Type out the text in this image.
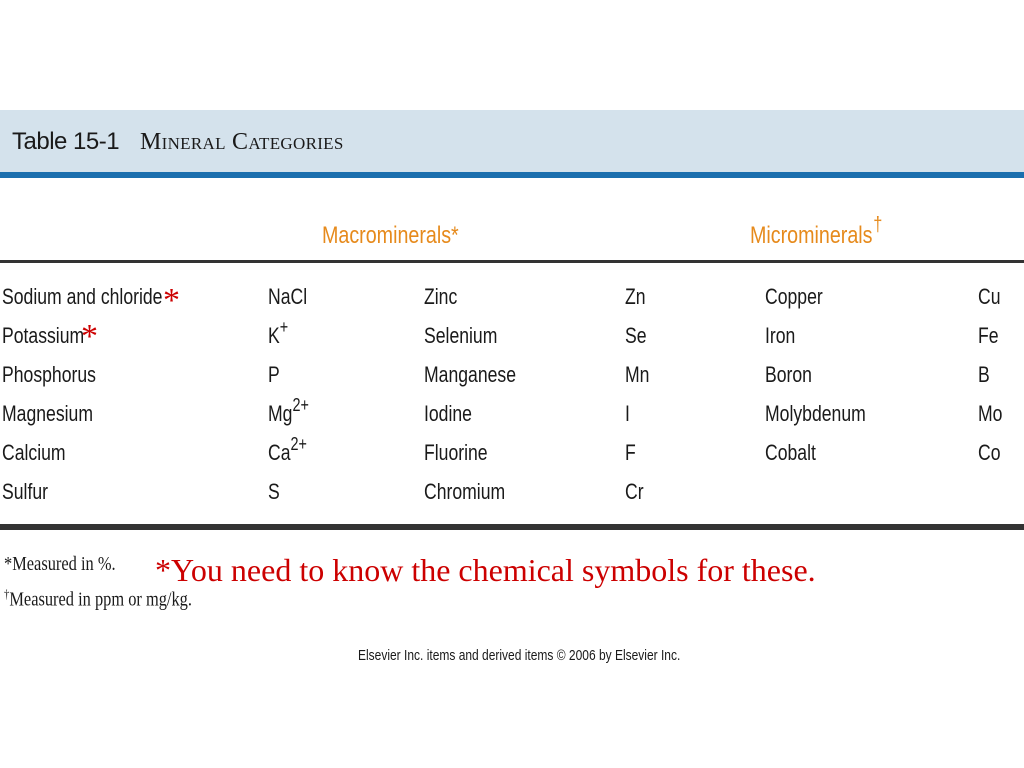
Table 15-1 Mineral Categories
Macrominerals*	Microminerals†
Sodium and chloride	NaCl	Zinc	Zn	Copper	Cu
Potassium	K+	Selenium	Se	Iron	Fe
Phosphorus	P	Manganese	Mn	Boron	B
Magnesium	$Mg^{2+}$	Iodine	I	Molybdenum	Mo
Calcium	$Ca^{2+}$	Fluorine	F	Cobalt	Co
Sulfur	S	Chromium	Cr
*
*
*Measured in %.
†Measured in ppm or mg/kg.
*You need to know the chemical symbols for these.
Elsevier Inc. items and derived items © 2006 by Elsevier Inc.
